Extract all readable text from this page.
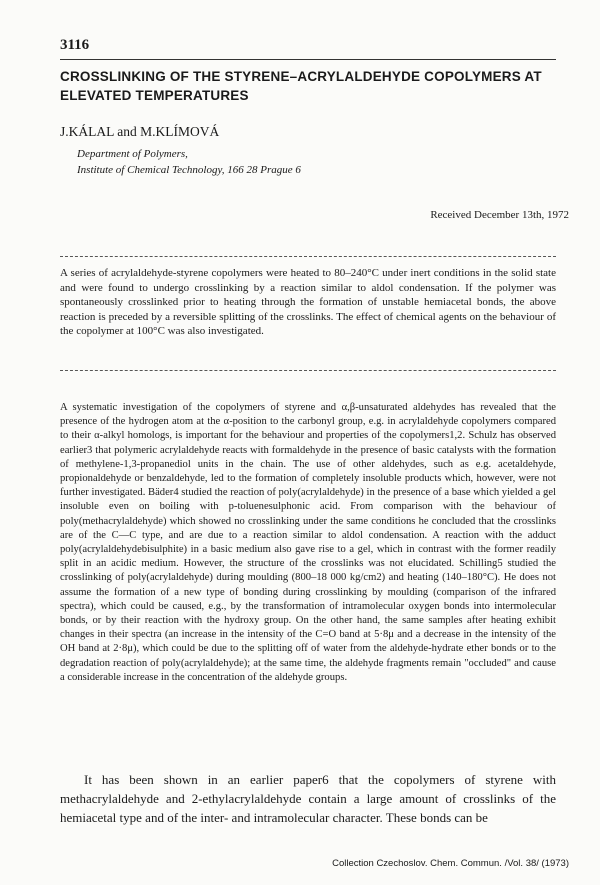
3116
CROSSLINKING OF THE STYRENE–ACRYLALDEHYDE COPOLYMERS AT ELEVATED TEMPERATURES
J.KÁLAL and M.KLÍMOVÁ
Department of Polymers,
Institute of Chemical Technology, 166 28 Prague 6
Received December 13th, 1972

A series of acrylaldehyde-styrene copolymers were heated to 80–240°C under inert conditions in the solid state and were found to undergo crosslinking by a reaction similar to aldol condensation. If the polymer was spontaneously crosslinked prior to heating through the formation of unstable hemiacetal bonds, the above reaction is preceded by a reversible splitting of the crosslinks. The effect of chemical agents on the behaviour of the copolymer at 100°C was also investigated.

A systematic investigation of the copolymers of styrene and α,β-unsaturated aldehydes has revealed that the presence of the hydrogen atom at the α-position to the carbonyl group, e.g. in acrylaldehyde copolymers compared to their α-alkyl homologs, is important for the behaviour and properties of the copolymers1,2. Schulz has observed earlier3 that polymeric acrylaldehyde reacts with formaldehyde in the presence of basic catalysts with the formation of methylene-1,3-propanediol units in the chain. The use of other aldehydes, such as e.g. acetaldehyde, propionaldehyde or benzaldehyde, led to the formation of completely insoluble products which, however, were not further investigated. Bäder4 studied the reaction of poly(acrylaldehyde) in the presence of a base which yielded a gel insoluble even on boiling with p-toluenesulphonic acid. From comparison with the behaviour of poly(methacrylaldehyde) which showed no crosslinking under the same conditions he concluded that the crosslinks are of the C—C type, and are due to a reaction similar to aldol condensation. A reaction with the adduct poly(acrylaldehydebisulphite) in a basic medium also gave rise to a gel, which in contrast with the former readily split in an acidic medium. However, the structure of the crosslinks was not elucidated. Schilling5 studied the crosslinking of poly(acrylaldehyde) during moulding (800–18 000 kg/cm2) and heating (140–180°C). He does not assume the formation of a new type of bonding during crosslinking by moulding (comparison of the infrared spectra), which could be caused, e.g., by the transformation of intramolecular oxygen bonds into intermolecular bonds, or by their reaction with the hydroxy group. On the other hand, the same samples after heating exhibit changes in their spectra (an increase in the intensity of the C=O band at 5·8μ and a decrease in the intensity of the OH band at 2·8μ), which could be due to the splitting off of water from the aldehyde-hydrate ether bonds or to the degradation reaction of poly(acrylaldehyde); at the same time, the aldehyde fragments remain "occluded" and cause a considerable increase in the concentration of the aldehyde groups.

It has been shown in an earlier paper6 that the copolymers of styrene with methacrylaldehyde and 2-ethylacrylaldehyde contain a large amount of crosslinks of the hemiacetal type and of the inter- and intramolecular character. These bonds can be

Collection Czechoslov. Chem. Commun. /Vol. 38/ (1973)
